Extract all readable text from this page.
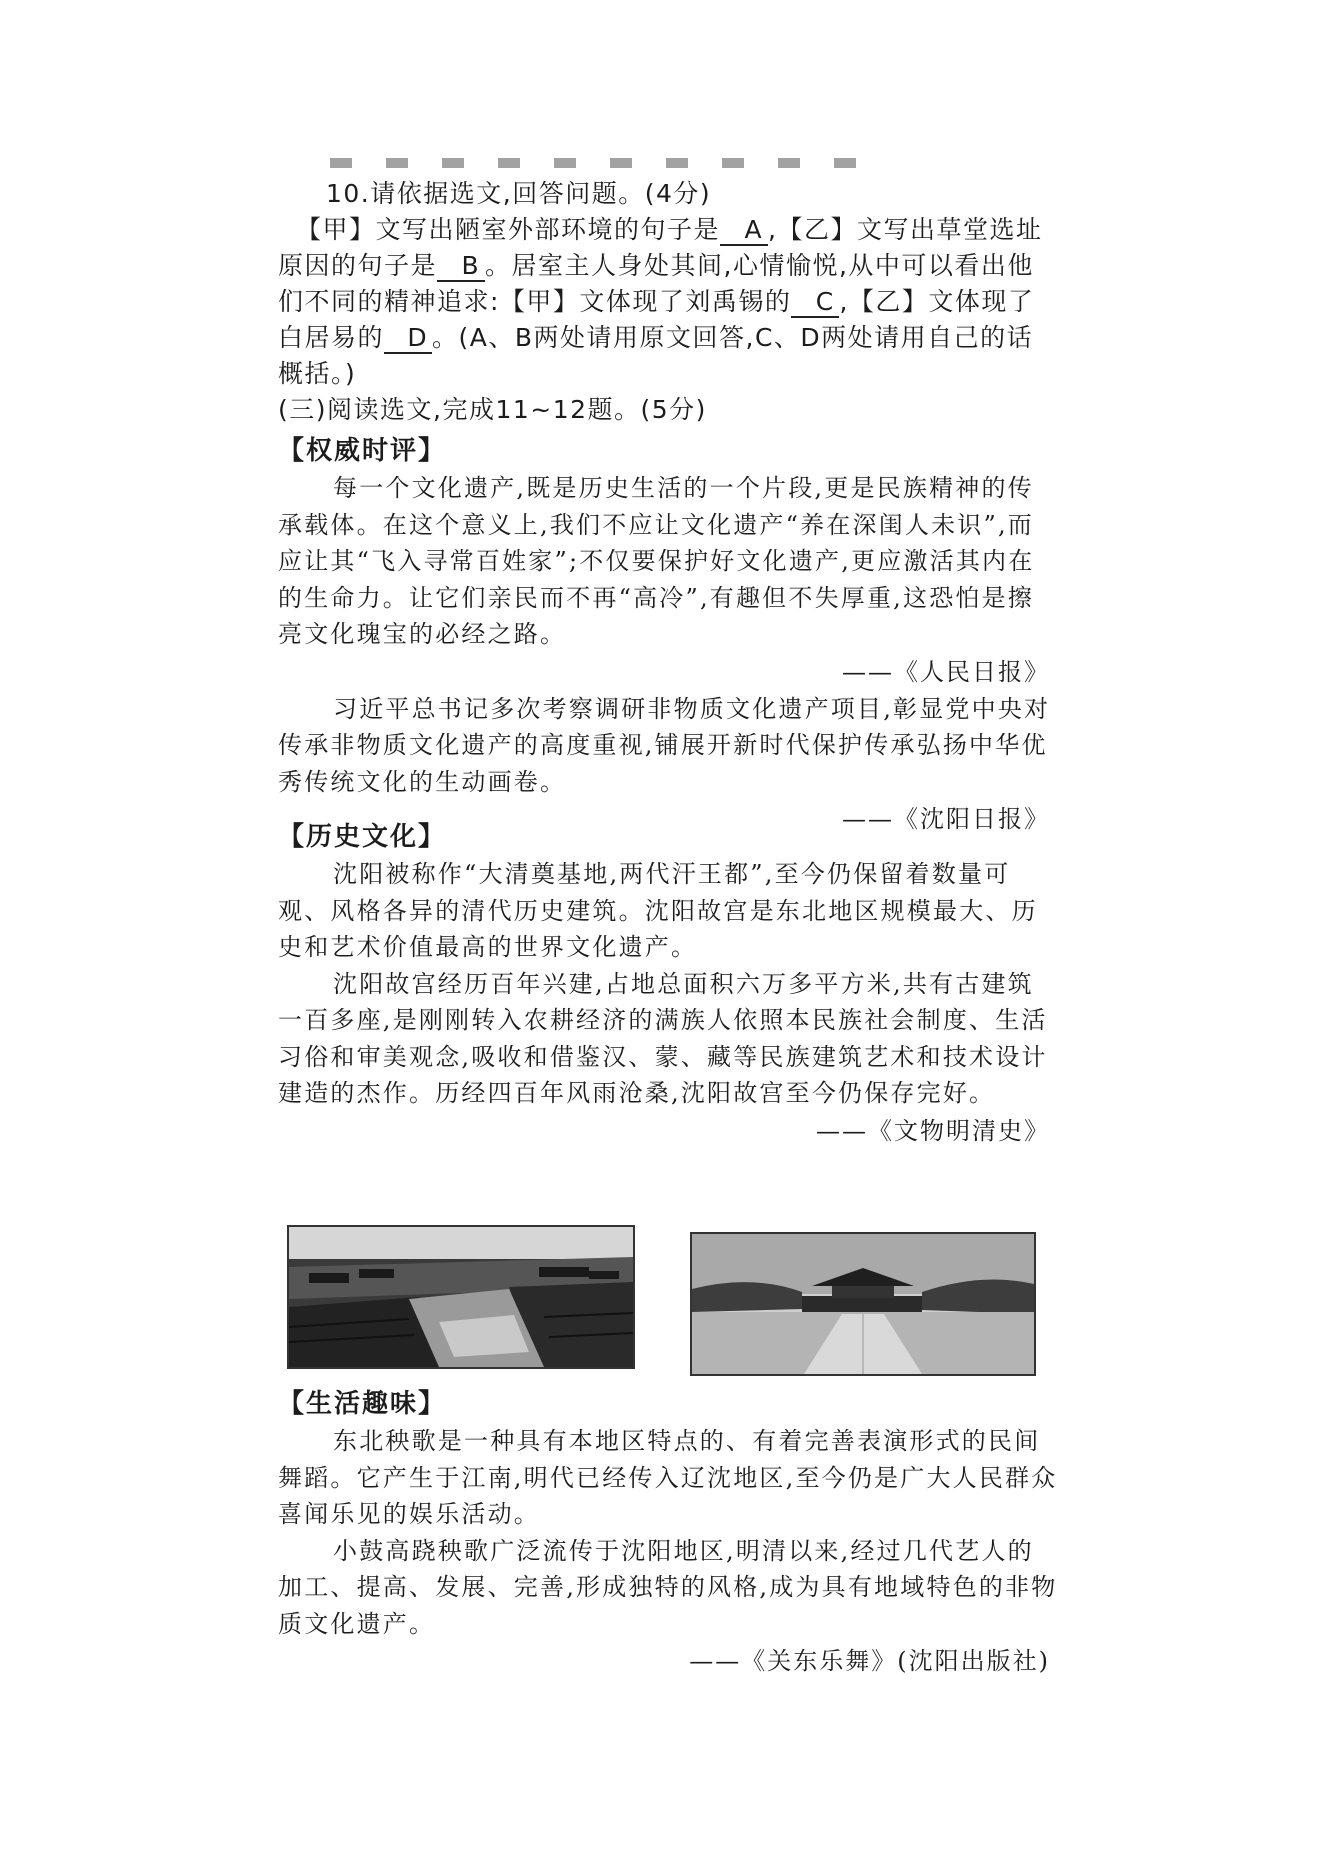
10.请依据选文,回答问题。(4分)

【甲】文写出陋室外部环境的句子是 A ,【乙】文写出草堂选址原因的句子是 B 。居室主人身处其间,心情愉悦,从中可以看出他们不同的精神追求:【甲】文体现了刘禹锡的 C ,【乙】文体现了白居易的 D 。(A、B两处请用原文回答,C、D两处请用自己的话概括。)

(三)阅读选文,完成11~12题。(5分)

【权威时评】

每一个文化遗产,既是历史生活的一个片段,更是民族精神的传承载体。在这个意义上,我们不应让文化遗产“养在深闺人未识”,而应让其“飞入寻常百姓家”;不仅要保护好文化遗产,更应激活其内在的生命力。让它们亲民而不再“高冷”,有趣但不失厚重,这恐怕是擦亮文化瑰宝的必经之路。

——《人民日报》

习近平总书记多次考察调研非物质文化遗产项目,彰显党中央对传承非物质文化遗产的高度重视,铺展开新时代保护传承弘扬中华优秀传统文化的生动画卷。

——《沈阳日报》

【历史文化】

沈阳被称作“大清奠基地,两代汗王都”,至今仍保留着数量可观、风格各异的清代历史建筑。沈阳故宫是东北地区规模最大、历史和艺术价值最高的世界文化遗产。

沈阳故宫经历百年兴建,占地总面积六万多平方米,共有古建筑一百多座,是刚刚转入农耕经济的满族人依照本民族社会制度、生活习俗和审美观念,吸收和借鉴汉、蒙、藏等民族建筑艺术和技术设计建造的杰作。历经四百年风雨沧桑,沈阳故宫至今仍保存完好。

——《文物明清史》

【生活趣味】

东北秧歌是一种具有本地区特点的、有着完善表演形式的民间舞蹈。它产生于江南,明代已经传入辽沈地区,至今仍是广大人民群众喜闻乐见的娱乐活动。

小鼓高跷秧歌广泛流传于沈阳地区,明清以来,经过几代艺人的加工、提高、发展、完善,形成独特的风格,成为具有地域特色的非物质文化遗产。

——《关东乐舞》(沈阳出版社)
